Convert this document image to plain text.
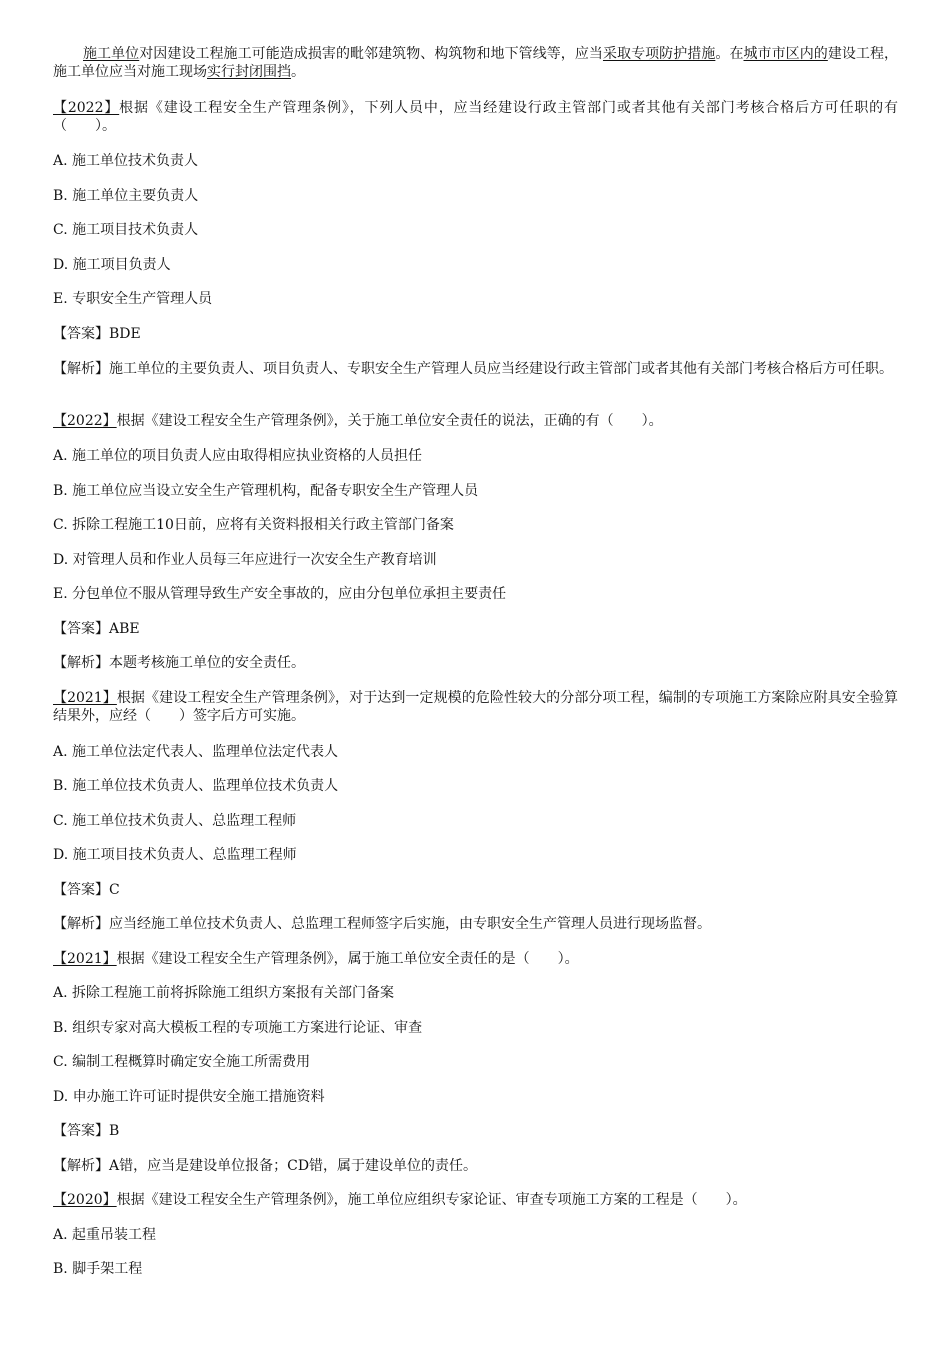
施工单位对因建设工程施工可能造成损害的毗邻建筑物、构筑物和地下管线等，应当采取专项防护措施。在城市市区内的建设工程，施工单位应当对施工现场实行封闭围挡。

【2022】根据《建设工程安全生产管理条例》，下列人员中，应当经建设行政主管部门或者其他有关部门考核合格后方可任职的有（　　）。

A. 施工单位技术负责人

B. 施工单位主要负责人

C. 施工项目技术负责人

D. 施工项目负责人

E. 专职安全生产管理人员

【答案】BDE

【解析】施工单位的主要负责人、项目负责人、专职安全生产管理人员应当经建设行政主管部门或者其他有关部门考核合格后方可任职。

【2022】根据《建设工程安全生产管理条例》，关于施工单位安全责任的说法，正确的有（　　）。

A. 施工单位的项目负责人应由取得相应执业资格的人员担任

B. 施工单位应当设立安全生产管理机构，配备专职安全生产管理人员

C. 拆除工程施工10日前，应将有关资料报相关行政主管部门备案

D. 对管理人员和作业人员每三年应进行一次安全生产教育培训

E. 分包单位不服从管理导致生产安全事故的，应由分包单位承担主要责任

【答案】ABE

【解析】本题考核施工单位的安全责任。

【2021】根据《建设工程安全生产管理条例》，对于达到一定规模的危险性较大的分部分项工程，编制的专项施工方案除应附具安全验算结果外，应经（　　）签字后方可实施。

A. 施工单位法定代表人、监理单位法定代表人

B. 施工单位技术负责人、监理单位技术负责人

C. 施工单位技术负责人、总监理工程师

D. 施工项目技术负责人、总监理工程师

【答案】C

【解析】应当经施工单位技术负责人、总监理工程师签字后实施，由专职安全生产管理人员进行现场监督。

【2021】根据《建设工程安全生产管理条例》，属于施工单位安全责任的是（　　）。

A. 拆除工程施工前将拆除施工组织方案报有关部门备案

B. 组织专家对高大模板工程的专项施工方案进行论证、审查

C. 编制工程概算时确定安全施工所需费用

D. 申办施工许可证时提供安全施工措施资料

【答案】B

【解析】A错，应当是建设单位报备；CD错，属于建设单位的责任。

【2020】根据《建设工程安全生产管理条例》，施工单位应组织专家论证、审查专项施工方案的工程是（　　）。

A. 起重吊装工程

B. 脚手架工程
